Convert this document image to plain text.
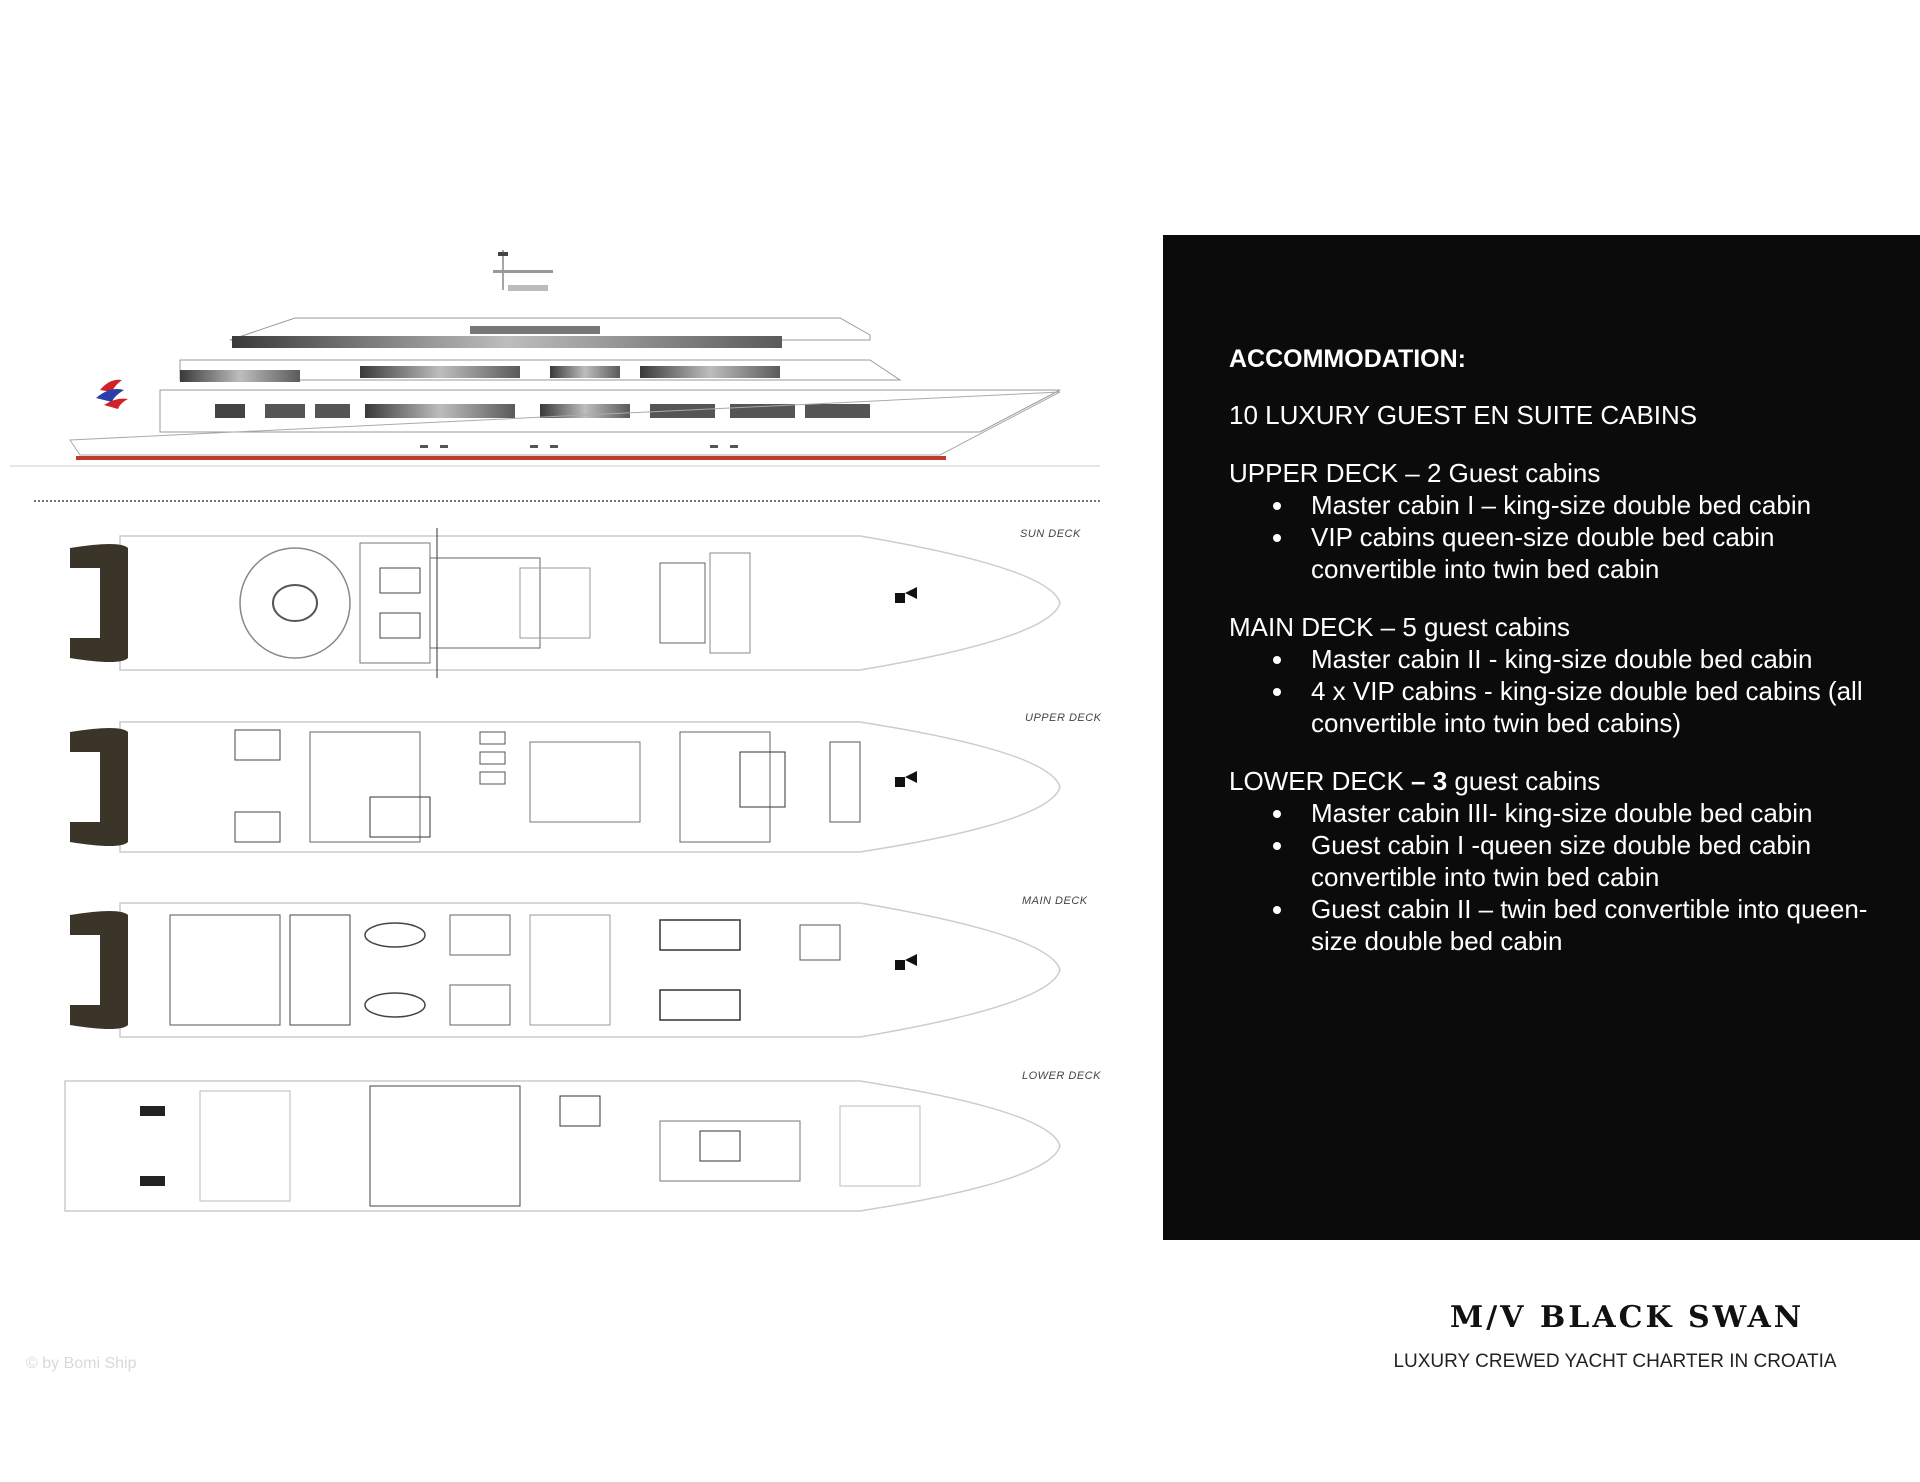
SUN DECK
UPPER DECK
MAIN DECK
LOWER DECK
© by Bomi Ship
ACCOMMODATION:
10 LUXURY GUEST EN SUITE CABINS
UPPER DECK – 2 Guest cabins
Master cabin I – king-size double bed cabin
VIP cabins queen-size double bed cabin convertible into twin bed cabin
MAIN DECK – 5 guest cabins
Master cabin II - king-size double bed cabin
4 x VIP cabins - king-size double bed cabins (all convertible into twin bed cabins)
LOWER DECK – 3 guest cabins
Master cabin III- king-size double bed cabin
Guest cabin I -queen size double bed cabin convertible into twin bed cabin
Guest cabin II – twin bed convertible into queen-size double bed cabin
M/V BLACK SWAN
LUXURY CREWED YACHT CHARTER IN CROATIA
